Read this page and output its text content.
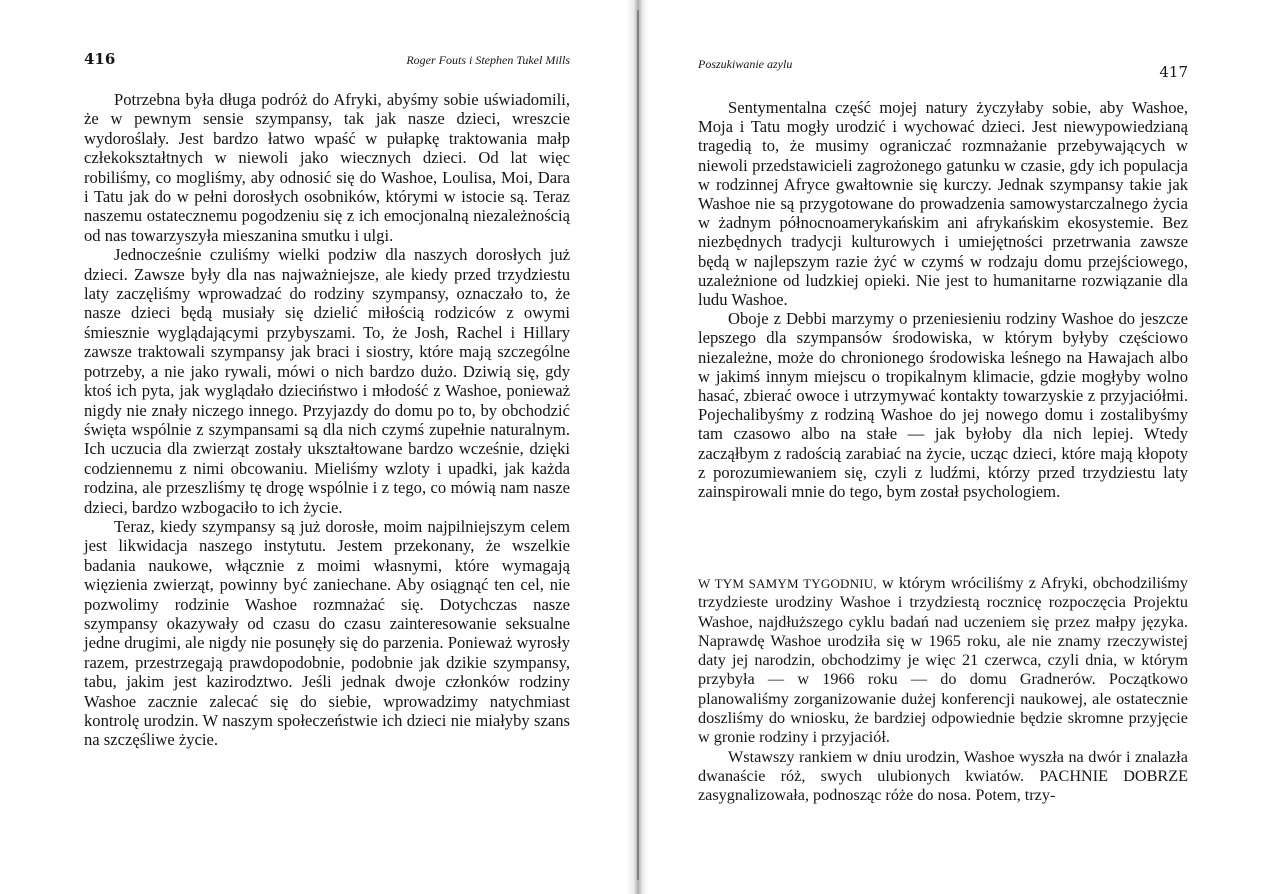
416	Roger Fouts i Stephen Tukel Mills

Potrzebna była długa podróż do Afryki, abyśmy sobie uświadomili, że w pewnym sensie szympansy, tak jak nasze dzieci, wreszcie wydoroślały. Jest bardzo łatwo wpaść w pułapkę traktowania małp człekokształtnych w niewoli jako wiecznych dzieci. Od lat więc robiliśmy, co mogliśmy, aby odnosić się do Washoe, Loulisa, Moi, Dara i Tatu jak do w pełni dorosłych osobników, którymi w istocie są. Teraz naszemu ostatecznemu pogodzeniu się z ich emocjonalną niezależnością od nas towarzyszyła mieszanina smutku i ulgi.

Jednocześnie czuliśmy wielki podziw dla naszych dorosłych już dzieci. Zawsze były dla nas najważniejsze, ale kiedy przed trzydziestu laty zaczęliśmy wprowadzać do rodziny szympansy, oznaczało to, że nasze dzieci będą musiały się dzielić miłością rodziców z owymi śmiesznie wyglądającymi przybyszami. To, że Josh, Rachel i Hillary zawsze traktowali szympansy jak braci i siostry, które mają szczególne potrzeby, a nie jako rywali, mówi o nich bardzo dużo. Dziwią się, gdy ktoś ich pyta, jak wyglądało dzieciństwo i młodość z Washoe, ponieważ nigdy nie znały niczego innego. Przyjazdy do domu po to, by obchodzić święta wspólnie z szympansami są dla nich czymś zupełnie naturalnym. Ich uczucia dla zwierząt zostały ukształtowane bardzo wcześnie, dzięki codziennemu z nimi obcowaniu. Mieliśmy wzloty i upadki, jak każda rodzina, ale przeszliśmy tę drogę wspólnie i z tego, co mówią nam nasze dzieci, bardzo wzbogaciło to ich życie.

Teraz, kiedy szympansy są już dorosłe, moim najpilniejszym celem jest likwidacja naszego instytutu. Jestem przekonany, że wszelkie badania naukowe, włącznie z moimi własnymi, które wymagają więzienia zwierząt, powinny być zaniechane. Aby osiągnąć ten cel, nie pozwolimy rodzinie Washoe rozmnażać się. Dotychczas nasze szympansy okazywały od czasu do czasu zainteresowanie seksualne jedne drugimi, ale nigdy nie posunęły się do parzenia. Ponieważ wyrosły razem, przestrzegają prawdopodobnie, podobnie jak dzikie szympansy, tabu, jakim jest kazirodztwo. Jeśli jednak dwoje członków rodziny Washoe zacznie zalecać się do siebie, wprowadzimy natychmiast kontrolę urodzin. W naszym społeczeństwie ich dzieci nie miałyby szans na szczęśliwe życie.

Poszukiwanie azylu	417

Sentymentalna część mojej natury życzyłaby sobie, aby Washoe, Moja i Tatu mogły urodzić i wychować dzieci. Jest niewypowiedzianą tragedią to, że musimy ograniczać rozmnażanie przebywających w niewoli przedstawicieli zagrożonego gatunku w czasie, gdy ich populacja w rodzinnej Afryce gwałtownie się kurczy. Jednak szympansy takie jak Washoe nie są przygotowane do prowadzenia samowystarczalnego życia w żadnym północnoamerykańskim ani afrykańskim ekosystemie. Bez niezbędnych tradycji kulturowych i umiejętności przetrwania zawsze będą w najlepszym razie żyć w czymś w rodzaju domu przejściowego, uzależnione od ludzkiej opieki. Nie jest to humanitarne rozwiązanie dla ludu Washoe.

Oboje z Debbi marzymy o przeniesieniu rodziny Washoe do jeszcze lepszego dla szympansów środowiska, w którym byłyby częściowo niezależne, może do chronionego środowiska leśnego na Hawajach albo w jakimś innym miejscu o tropikalnym klimacie, gdzie mogłyby wolno hasać, zbierać owoce i utrzymywać kontakty towarzyskie z przyjaciółmi. Pojechalibyśmy z rodziną Washoe do jej nowego domu i zostalibyśmy tam czasowo albo na stałe — jak byłoby dla nich lepiej. Wtedy zacząłbym z radością zarabiać na życie, ucząc dzieci, które mają kłopoty z porozumiewaniem się, czyli z ludźmi, którzy przed trzydziestu laty zainspirowali mnie do tego, bym został psychologiem.

W TYM SAMYM TYGODNIU, w którym wróciliśmy z Afryki, obchodziliśmy trzydzieste urodziny Washoe i trzydziestą rocznicę rozpoczęcia Projektu Washoe, najdłuższego cyklu badań nad uczeniem się przez małpy języka. Naprawdę Washoe urodziła się w 1965 roku, ale nie znamy rzeczywistej daty jej narodzin, obchodzimy je więc 21 czerwca, czyli dnia, w którym przybyła — w 1966 roku — do domu Gradnerów. Początkowo planowaliśmy zorganizowanie dużej konferencji naukowej, ale ostatecznie doszliśmy do wniosku, że bardziej odpowiednie będzie skromne przyjęcie w gronie rodziny i przyjaciół.

Wstawszy rankiem w dniu urodzin, Washoe wyszła na dwór i znalazła dwanaście róż, swych ulubionych kwiatów. PACHNIE DOBRZE zasygnalizowała, podnosząc róże do nosa. Potem, trzy-
